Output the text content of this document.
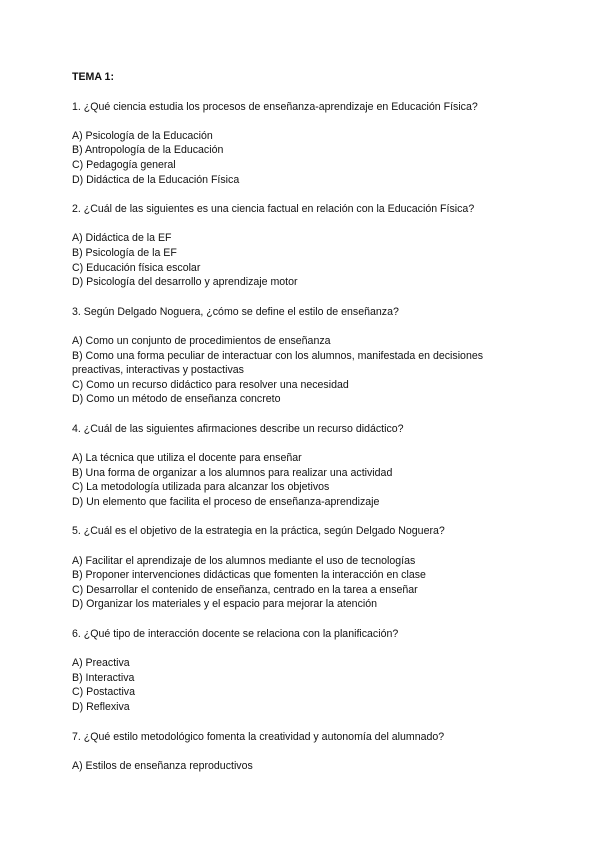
TEMA 1:

1. ¿Qué ciencia estudia los procesos de enseñanza-aprendizaje en Educación Física?

A) Psicología de la Educación

B) Antropología de la Educación

C) Pedagogía general

D) Didáctica de la Educación Física

2. ¿Cuál de las siguientes es una ciencia factual en relación con la Educación Física?

A) Didáctica de la EF

B) Psicología de la EF

C) Educación física escolar

D) Psicología del desarrollo y aprendizaje motor

3. Según Delgado Noguera, ¿cómo se define el estilo de enseñanza?

A) Como un conjunto de procedimientos de enseñanza

B) Como una forma peculiar de interactuar con los alumnos, manifestada en decisiones preactivas, interactivas y postactivas

C) Como un recurso didáctico para resolver una necesidad

D) Como un método de enseñanza concreto

4. ¿Cuál de las siguientes afirmaciones describe un recurso didáctico?

A) La técnica que utiliza el docente para enseñar

B) Una forma de organizar a los alumnos para realizar una actividad

C) La metodología utilizada para alcanzar los objetivos

D) Un elemento que facilita el proceso de enseñanza-aprendizaje

5. ¿Cuál es el objetivo de la estrategia en la práctica, según Delgado Noguera?

A) Facilitar el aprendizaje de los alumnos mediante el uso de tecnologías

B) Proponer intervenciones didácticas que fomenten la interacción en clase

C) Desarrollar el contenido de enseñanza, centrado en la tarea a enseñar

D) Organizar los materiales y el espacio para mejorar la atención

6. ¿Qué tipo de interacción docente se relaciona con la planificación?

A) Preactiva

B) Interactiva

C) Postactiva

D) Reflexiva

7. ¿Qué estilo metodológico fomenta la creatividad y autonomía del alumnado?

A) Estilos de enseñanza reproductivos
